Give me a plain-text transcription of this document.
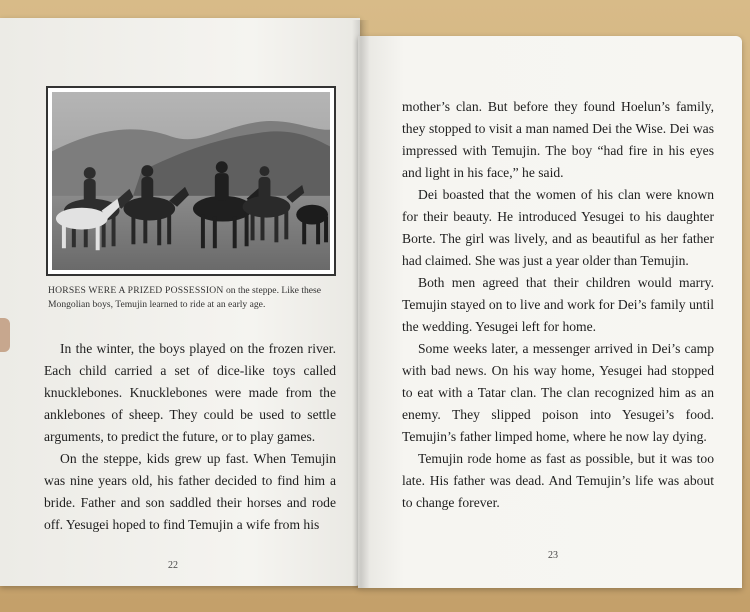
HORSES WERE A PRIZED POSSESSION on the steppe. Like these Mongolian boys, Temujin learned to ride at an early age.

In the winter, the boys played on the frozen river. Each child carried a set of dice-like toys called knucklebones. Knucklebones were made from the anklebones of sheep. They could be used to settle arguments, to predict the future, or to play games.

On the steppe, kids grew up fast. When Temujin was nine years old, his father decided to find him a bride. Father and son saddled their horses and rode off. Yesugei hoped to find Temujin a wife from his

mother’s clan. But before they found Hoelun’s family, they stopped to visit a man named Dei the Wise. Dei was impressed with Temujin. The boy “had fire in his eyes and light in his face,” he said.

Dei boasted that the women of his clan were known for their beauty. He introduced Yesugei to his daughter Borte. The girl was lively, and as beautiful as her father had claimed. She was just a year older than Temujin.

Both men agreed that their children would marry. Temujin stayed on to live and work for Dei’s family until the wedding. Yesugei left for home.

Some weeks later, a messenger arrived in Dei’s camp with bad news. On his way home, Yesugei had stopped to eat with a Tatar clan. The clan recognized him as an enemy. They slipped poison into Yesugei’s food. Temujin’s father limped home, where he now lay dying.

Temujin rode home as fast as possible, but it was too late. His father was dead. And Temujin’s life was about to change forever.

22
23
